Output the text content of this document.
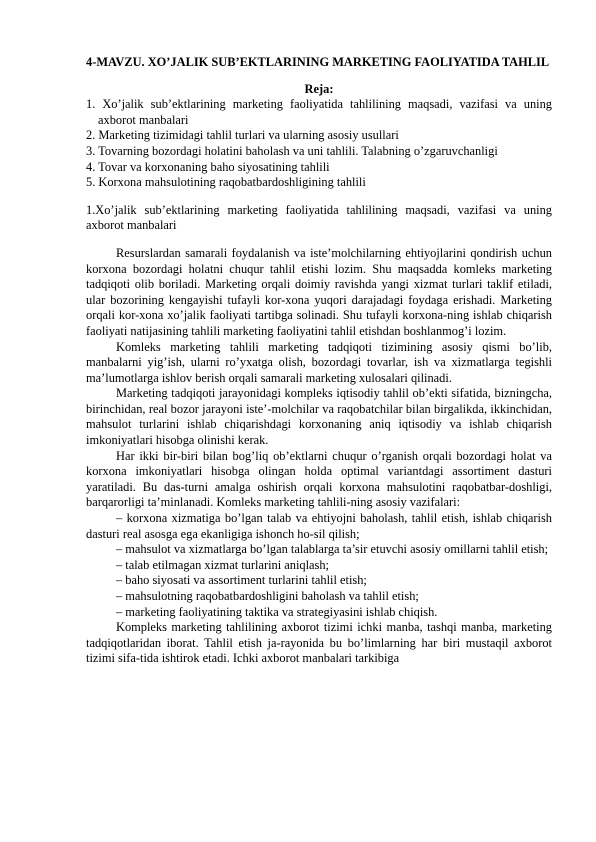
4-MAVZU. XO’JALIK SUB’EKTLARINING MARKETING FAOLIYATIDA TAHLIL

Reja:

1. Xo’jalik sub’ektlarining marketing faoliyatida tahlilining maqsadi, vazifasi va uning axborot manbalari
2. Marketing tizimidagi tahlil turlari va ularning asosiy usullari
3. Tovarning bozordagi holatini baholash va uni tahlili. Talabning o’zgaruvchanligi
4. Tovar va korxonaning baho siyosatining tahlili
5. Korxona mahsulotining raqobatbardoshligining tahlili

1.Xo’jalik sub’ektlarining marketing faoliyatida tahlilining maqsadi, vazifasi va uning axborot manbalari

Resurslardan samarali foydalanish va iste’molchilarning ehtiyojlarini qondirish uchun korxona bozordagi holatni chuqur tahlil etishi lozim. Shu maqsadda komleks marketing tadqiqoti olib boriladi. Marketing orqali doimiy ravishda yangi xizmat turlari taklif etiladi, ular bozorining kengayishi tufayli kor-xona yuqori darajadagi foydaga erishadi. Marketing orqali kor-xona xo’jalik faoliyati tartibga solinadi. Shu tufayli korxona-ning ishlab chiqarish faoliyati natijasining tahlili marketing faoliyatini tahlil etishdan boshlanmog’i lozim.

Komleks marketing tahlili marketing tadqiqoti tizimining asosiy qismi bo’lib, manbalarni yig’ish, ularni ro’yxatga olish, bozordagi tovarlar, ish va xizmatlarga tegishli ma’lumotlarga ishlov berish orqali samarali marketing xulosalari qilinadi.

Marketing tadqiqoti jarayonidagi kompleks iqtisodiy tahlil ob’ekti sifatida, bizningcha, birinchidan, real bozor jarayoni iste’-molchilar va raqobatchilar bilan birgalikda, ikkinchidan, mahsulot turlarini ishlab chiqarishdagi korxonaning aniq iqtisodiy va ishlab chiqarish imkoniyatlari hisobga olinishi kerak.

Har ikki bir-biri bilan bog’liq ob’ektlarni chuqur o’rganish orqali bozordagi holat va korxona imkoniyatlari hisobga olingan holda optimal variantdagi assortiment dasturi yaratiladi. Bu das-turni amalga oshirish orqali korxona mahsulotini raqobatbar-doshligi, barqarorligi ta’minlanadi. Komleks marketing tahlili-ning asosiy vazifalari:

– korxona xizmatiga bo’lgan talab va ehtiyojni baholash, tahlil etish, ishlab chiqarish dasturi real asosga ega ekanligiga ishonch ho-sil qilish;

– mahsulot va xizmatlarga bo’lgan talablarga ta’sir etuvchi asosiy omillarni tahlil etish;

– talab etilmagan xizmat turlarini aniqlash;

– baho siyosati va assortiment turlarini tahlil etish;

– mahsulotning raqobatbardoshligini baholash va tahlil etish;

– marketing faoliyatining taktika va strategiyasini ishlab chiqish.

Kompleks marketing tahlilining axborot tizimi ichki manba, tashqi manba, marketing tadqiqotlaridan iborat. Tahlil etish ja-rayonida bu bo’limlarning har biri mustaqil axborot tizimi sifa-tida ishtirok etadi. Ichki axborot manbalari tarkibiga
